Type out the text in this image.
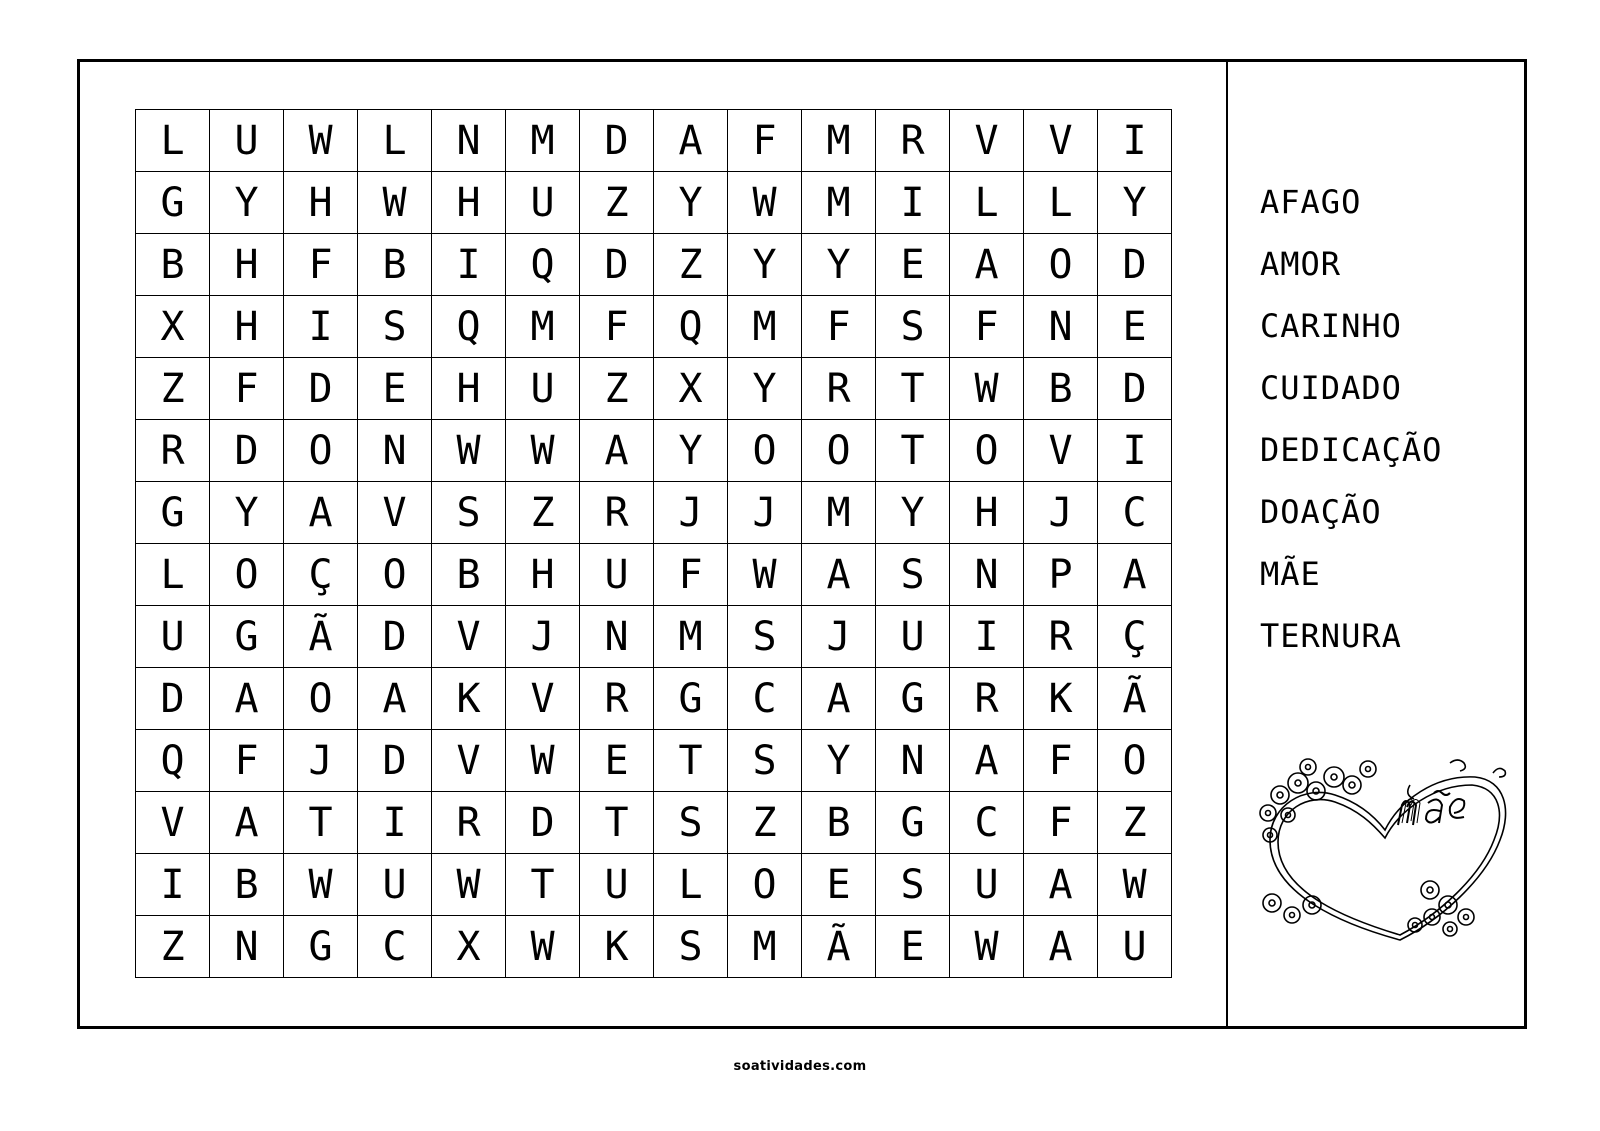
L	U	W	L	N	M	D	A	F	M	R	V	V	I
G	Y	H	W	H	U	Z	Y	W	M	I	L	L	Y
B	H	F	B	I	Q	D	Z	Y	Y	E	A	O	D
X	H	I	S	Q	M	F	Q	M	F	S	F	N	E
Z	F	D	E	H	U	Z	X	Y	R	T	W	B	D
R	D	O	N	W	W	A	Y	O	O	T	O	V	I
G	Y	A	V	S	Z	R	J	J	M	Y	H	J	C
L	O	Ç	O	B	H	U	F	W	A	S	N	P	A
U	G	Ã	D	V	J	N	M	S	J	U	I	R	Ç
D	A	O	A	K	V	R	G	C	A	G	R	K	Ã
Q	F	J	D	V	W	E	T	S	Y	N	A	F	O
V	A	T	I	R	D	T	S	Z	B	G	C	F	Z
I	B	W	U	W	T	U	L	O	E	S	U	A	W
Z	N	G	C	X	W	K	S	M	Ã	E	W	A	U
AFAGO
AMOR
CARINHO
CUIDADO
DEDICAÇÃO
DOAÇÃO
MÃE
TERNURA
soatividades.com
